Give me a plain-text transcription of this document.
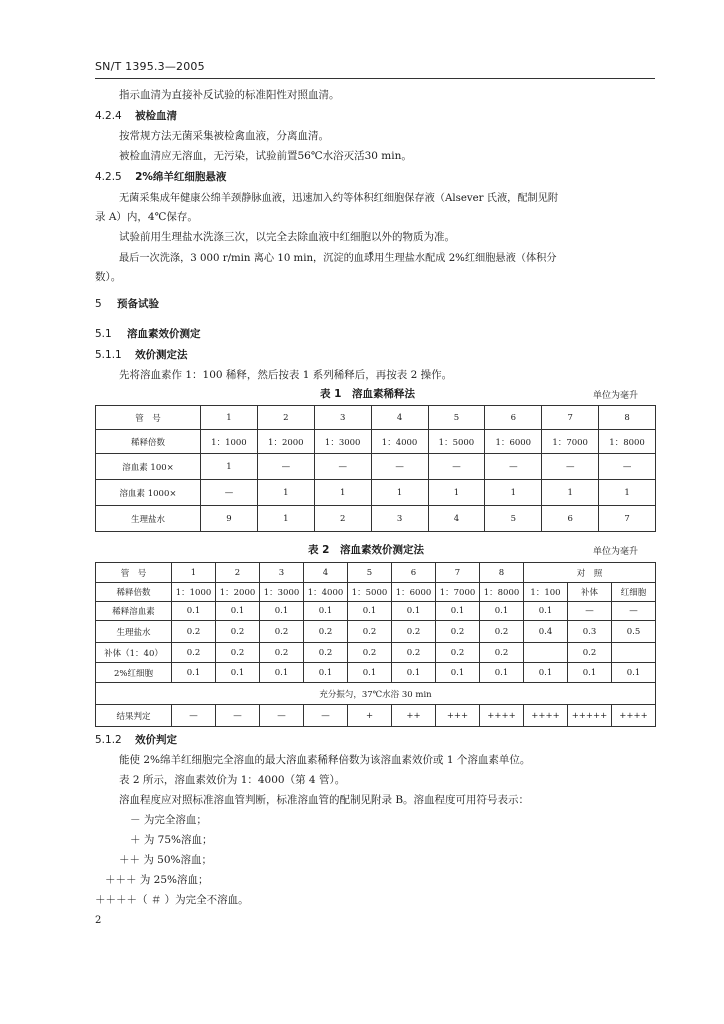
SN/T 1395.3—2005
指示血清为直接补反试验的标准阳性对照血清。
4.2.4 被检血清
按常规方法无菌采集被检禽血液，分离血清。
被检血清应无溶血，无污染，试验前置56℃水浴灭活30 min。
4.2.5 2%绵羊红细胞悬液
无菌采集成年健康公绵羊颈静脉血液，迅速加入约等体积红细胞保存液（Alsever 氏液，配制见附
录 A）内，4℃保存。
试验前用生理盐水洗涤三次，以完全去除血液中红细胞以外的物质为准。
最后一次洗涤，3 000 r/min 离心 10 min，沉淀的血球็用生理盐水配成 2%红细胞悬液（体积分
数）。
5 预备试验
5.1 溶血素效价测定
5.1.1 效价测定法
先将溶血素作 1：100 稀释，然后按表 1 系列稀释后，再按表 2 操作。
表 1　溶血素稀释法	单位为毫升
管　号	1	2	3	4	5	6	7	8
稀释倍数	1：1000	1：2000	1：3000	1：4000	1：5000	1：6000	1：7000	1：8000
溶血素 100×	1	—	—	—	—	—	—	—
溶血素 1000×	—	1	1	1	1	1	1	1
生理盐水	9	1	2	3	4	5	6	7
表 2　溶血素效价测定法	单位为毫升
管　号	1	2	3	4	5	6	7	8	对　照		
稀释倍数	1：1000	1：2000	1：3000	1：4000	1：5000	1：6000	1：7000	1：8000	1：100	补体	红细胞
稀释溶血素	0.1	0.1	0.1	0.1	0.1	0.1	0.1	0.1	0.1	—	—
生理盐水	0.2	0.2	0.2	0.2	0.2	0.2	0.2	0.2	0.4	0.3	0.5
补体（1：40）	0.2	0.2	0.2	0.2	0.2	0.2	0.2	0.2		0.2	
2%红细胞	0.1	0.1	0.1	0.1	0.1	0.1	0.1	0.1	0.1	0.1	0.1
充分振匀，37℃水浴 30 min											
结果判定	—	—	—	—	+	++	+++	++++	++++	+++++	++++
5.1.2 效价判定
能使 2%绵羊红细胞完全溶血的最大溶血素稀释倍数为该溶血素效价或 1 个溶血素单位。
表 2 所示，溶血素效价为 1：4000（第 4 管）。
溶血程度应对照标准溶血管判断，标准溶血管的配制见附录 B。溶血程度可用符号表示：
－ 为完全溶血；
＋ 为 75%溶血；
＋＋ 为 50%溶血；
＋＋＋ 为 25%溶血；
＋＋＋＋（ ＃ ）为完全不溶血。
2
